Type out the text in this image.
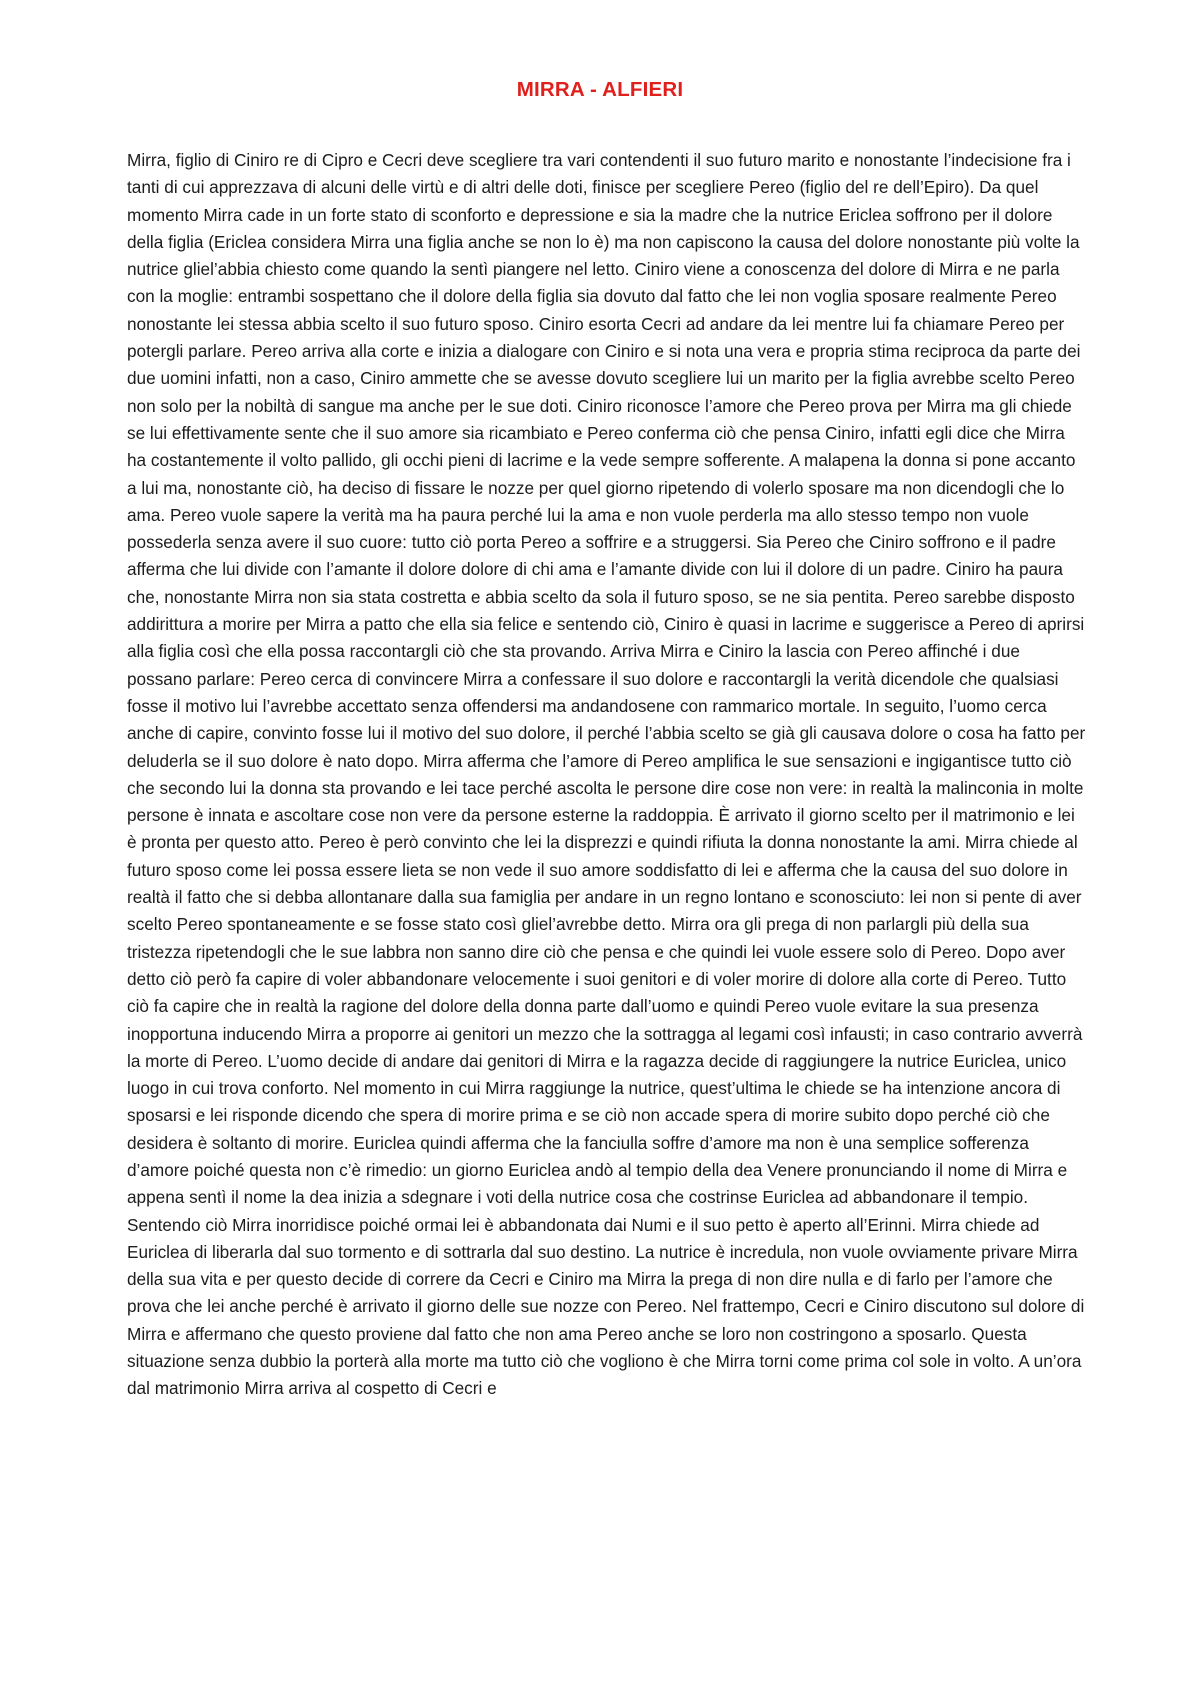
MIRRA - ALFIERI

Mirra, figlio di Ciniro re di Cipro e Cecri deve scegliere tra vari contendenti il suo futuro marito e nonostante l’indecisione fra i tanti di cui apprezzava di alcuni delle virtù e di altri delle doti, finisce per scegliere Pereo (figlio del re dell’Epiro). Da quel momento Mirra cade in un forte stato di sconforto e depressione e sia la madre che la nutrice Ericlea soffrono per il dolore della figlia (Ericlea considera Mirra una figlia anche se non lo è) ma non capiscono la causa del dolore nonostante più volte la nutrice gliel’abbia chiesto come quando la sentì piangere nel letto. Ciniro viene a conoscenza del dolore di Mirra e ne parla con la moglie: entrambi sospettano che il dolore della figlia sia dovuto dal fatto che lei non voglia sposare realmente Pereo nonostante lei stessa abbia scelto il suo futuro sposo. Ciniro esorta Cecri ad andare da lei mentre lui fa chiamare Pereo per potergli parlare. Pereo arriva alla corte e inizia a dialogare con Ciniro e si nota una vera e propria stima reciproca da parte dei due uomini infatti, non a caso, Ciniro ammette che se avesse dovuto scegliere lui un marito per la figlia avrebbe scelto Pereo non solo per la nobiltà di sangue ma anche per le sue doti. Ciniro riconosce l’amore che Pereo prova per Mirra ma gli chiede se lui effettivamente sente che il suo amore sia ricambiato e Pereo conferma ciò che pensa Ciniro, infatti egli dice che Mirra ha costantemente il volto pallido, gli occhi pieni di lacrime e la vede sempre sofferente. A malapena la donna si pone accanto a lui ma, nonostante ciò, ha deciso di fissare le nozze per quel giorno ripetendo di volerlo sposare ma non dicendogli che lo ama. Pereo vuole sapere la verità ma ha paura perché lui la ama e non vuole perderla ma allo stesso tempo non vuole possederla senza avere il suo cuore: tutto ciò porta Pereo a soffrire e a struggersi. Sia Pereo che Ciniro soffrono e il padre afferma che lui divide con l’amante il dolore dolore di chi ama e l’amante divide con lui il dolore di un padre. Ciniro ha paura che, nonostante Mirra non sia stata costretta e abbia scelto da sola il futuro sposo, se ne sia pentita. Pereo sarebbe disposto addirittura a morire per Mirra a patto che ella sia felice e sentendo ciò, Ciniro è quasi in lacrime e suggerisce a Pereo di aprirsi alla figlia così che ella possa raccontargli ciò che sta provando. Arriva Mirra e Ciniro la lascia con Pereo affinché i due possano parlare: Pereo cerca di convincere Mirra a confessare il suo dolore e raccontargli la verità dicendole che qualsiasi fosse il motivo lui l’avrebbe accettato senza offendersi ma andandosene con rammarico mortale. In seguito, l’uomo cerca anche di capire, convinto fosse lui il motivo del suo dolore, il perché l’abbia scelto se già gli causava dolore o cosa ha fatto per deluderla se il suo dolore è nato dopo. Mirra afferma che l’amore di Pereo amplifica le sue sensazioni e ingigantisce tutto ciò che secondo lui la donna sta provando e lei tace perché ascolta le persone dire cose non vere: in realtà la malinconia in molte persone è innata e ascoltare cose non vere da persone esterne la raddoppia. È arrivato il giorno scelto per il matrimonio e lei è pronta per questo atto. Pereo è però convinto che lei la disprezzi e quindi rifiuta la donna nonostante la ami. Mirra chiede al futuro sposo come lei possa essere lieta se non vede il suo amore soddisfatto di lei e afferma che la causa del suo dolore in realtà il fatto che si debba allontanare dalla sua famiglia per andare in un regno lontano e sconosciuto: lei non si pente di aver scelto Pereo spontaneamente e se fosse stato così gliel’avrebbe detto. Mirra ora gli prega di non parlargli più della sua tristezza ripetendogli che le sue labbra non sanno dire ciò che pensa e che quindi lei vuole essere solo di Pereo. Dopo aver detto ciò però fa capire di voler abbandonare velocemente i suoi genitori e di voler morire di dolore alla corte di Pereo. Tutto ciò fa capire che in realtà la ragione del dolore della donna parte dall’uomo e quindi Pereo vuole evitare la sua presenza inopportuna inducendo Mirra a proporre ai genitori un mezzo che la sottragga al legami così infausti; in caso contrario avverrà la morte di Pereo. L’uomo decide di andare dai genitori di Mirra e la ragazza decide di raggiungere la nutrice Euriclea, unico luogo in cui trova conforto. Nel momento in cui Mirra raggiunge la nutrice, quest’ultima le chiede se ha intenzione ancora di sposarsi e lei risponde dicendo che spera di morire prima e se ciò non accade spera di morire subito dopo perché ciò che desidera è soltanto di morire. Euriclea quindi afferma che la fanciulla soffre d’amore ma non è una semplice sofferenza d’amore poiché questa non c’è rimedio: un giorno Euriclea andò al tempio della dea Venere pronunciando il nome di Mirra e appena sentì il nome la dea inizia a sdegnare i voti della nutrice cosa che costrinse Euriclea ad abbandonare il tempio. Sentendo ciò Mirra inorridisce poiché ormai lei è abbandonata dai Numi e il suo petto è aperto all’Erinni. Mirra chiede ad Euriclea di liberarla dal suo tormento e di sottrarla dal suo destino. La nutrice è incredula, non vuole ovviamente privare Mirra della sua vita e per questo decide di correre da Cecri e Ciniro ma Mirra la prega di non dire nulla e di farlo per l’amore che prova che lei anche perché è arrivato il giorno delle sue nozze con Pereo. Nel frattempo, Cecri e Ciniro discutono sul dolore di Mirra e affermano che questo proviene dal fatto che non ama Pereo anche se loro non costringono a sposarlo. Questa situazione senza dubbio la porterà alla morte ma tutto ciò che vogliono è che Mirra torni come prima col sole in volto. A un’ora dal matrimonio Mirra arriva al cospetto di Cecri e
